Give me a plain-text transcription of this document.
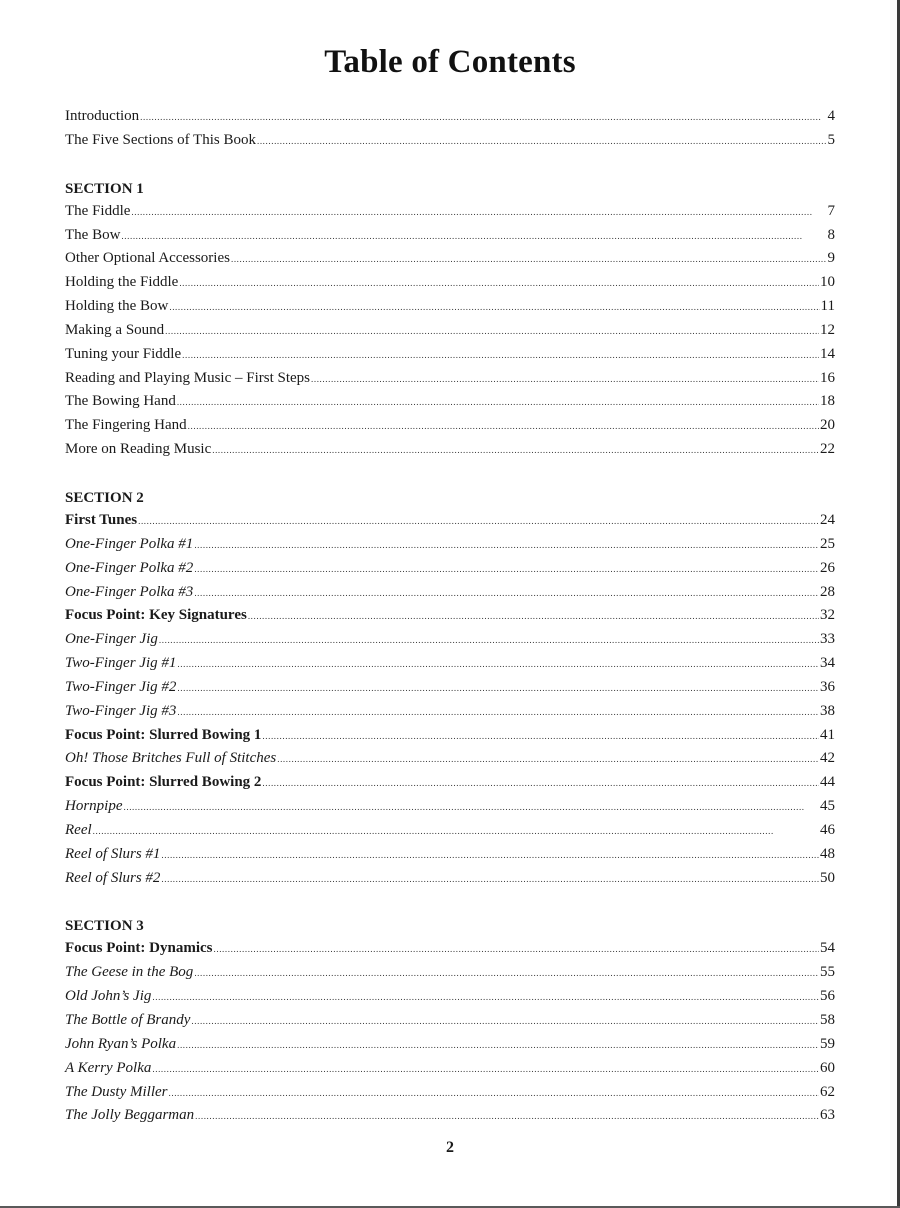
Table of Contents
Introduction .....	4
The Five Sections of This Book .....	5
SECTION 1
The Fiddle .....	7
The Bow .....	8
Other Optional Accessories .....	9
Holding the Fiddle .....	10
Holding the Bow .....	11
Making a Sound .....	12
Tuning your Fiddle .....	14
Reading and Playing Music – First Steps .....	16
The Bowing Hand .....	18
The Fingering Hand .....	20
More on Reading Music .....	22
SECTION 2
First Tunes .....	24
One-Finger Polka #1 .....	25
One-Finger Polka #2 .....	26
One-Finger Polka #3 .....	28
Focus Point: Key Signatures .....	32
One-Finger Jig .....	33
Two-Finger Jig #1 .....	34
Two-Finger Jig #2 .....	36
Two-Finger Jig #3 .....	38
Focus Point: Slurred Bowing 1 .....	41
Oh! Those Britches Full of Stitches .....	42
Focus Point: Slurred Bowing 2 .....	44
Hornpipe .....	45
Reel .....	46
Reel of Slurs #1 .....	48
Reel of Slurs #2 .....	50
SECTION 3
Focus Point: Dynamics .....	54
The Geese in the Bog .....	55
Old John’s Jig .....	56
The Bottle of Brandy .....	58
John Ryan’s Polka .....	59
A Kerry Polka .....	60
The Dusty Miller .....	62
The Jolly Beggarman .....	63
2
